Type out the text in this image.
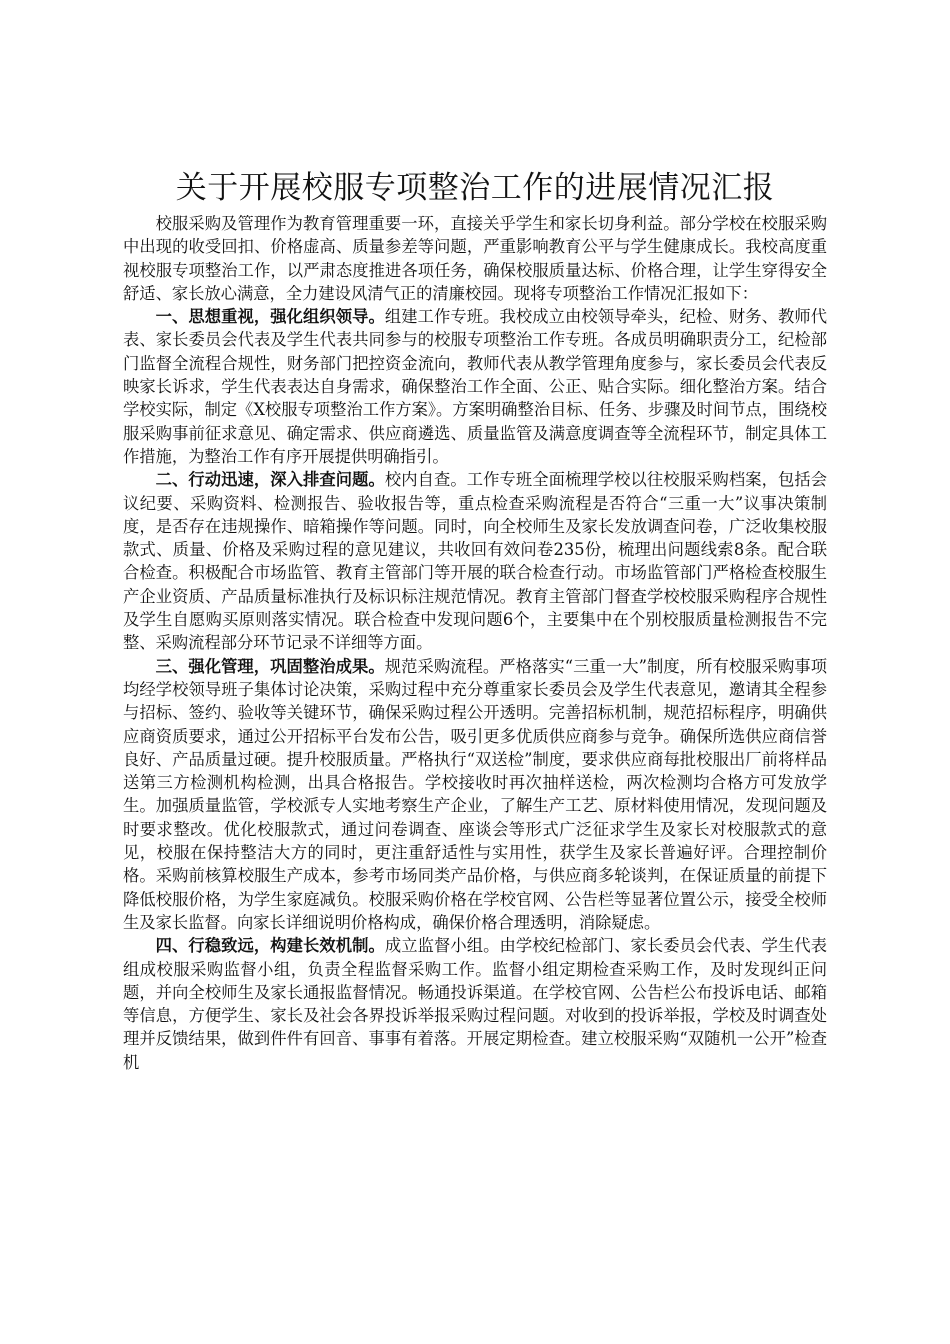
关于开展校服专项整治工作的进展情况汇报

校服采购及管理作为教育管理重要一环，直接关乎学生和家长切身利益。部分学校在校服采购中出现的收受回扣、价格虚高、质量参差等问题，严重影响教育公平与学生健康成长。我校高度重视校服专项整治工作，以严肃态度推进各项任务，确保校服质量达标、价格合理，让学生穿得安全舒适、家长放心满意，全力建设风清气正的清廉校园。现将专项整治工作情况汇报如下：

一、思想重视，强化组织领导。组建工作专班。我校成立由校领导牵头，纪检、财务、教师代表、家长委员会代表及学生代表共同参与的校服专项整治工作专班。各成员明确职责分工，纪检部门监督全流程合规性，财务部门把控资金流向，教师代表从教学管理角度参与，家长委员会代表反映家长诉求，学生代表表达自身需求，确保整治工作全面、公正、贴合实际。细化整治方案。结合学校实际，制定《X校服专项整治工作方案》。方案明确整治目标、任务、步骤及时间节点，围绕校服采购事前征求意见、确定需求、供应商遴选、质量监管及满意度调查等全流程环节，制定具体工作措施，为整治工作有序开展提供明确指引。

二、行动迅速，深入排查问题。校内自查。工作专班全面梳理学校以往校服采购档案，包括会议纪要、采购资料、检测报告、验收报告等，重点检查采购流程是否符合“三重一大”议事决策制度，是否存在违规操作、暗箱操作等问题。同时，向全校师生及家长发放调查问卷，广泛收集校服款式、质量、价格及采购过程的意见建议，共收回有效问卷235份，梳理出问题线索8条。配合联合检查。积极配合市场监管、教育主管部门等开展的联合检查行动。市场监管部门严格检查校服生产企业资质、产品质量标准执行及标识标注规范情况。教育主管部门督查学校校服采购程序合规性及学生自愿购买原则落实情况。联合检查中发现问题6个，主要集中在个别校服质量检测报告不完整、采购流程部分环节记录不详细等方面。

三、强化管理，巩固整治成果。规范采购流程。严格落实“三重一大”制度，所有校服采购事项均经学校领导班子集体讨论决策，采购过程中充分尊重家长委员会及学生代表意见，邀请其全程参与招标、签约、验收等关键环节，确保采购过程公开透明。完善招标机制，规范招标程序，明确供应商资质要求，通过公开招标平台发布公告，吸引更多优质供应商参与竞争。确保所选供应商信誉良好、产品质量过硬。提升校服质量。严格执行“双送检”制度，要求供应商每批校服出厂前将样品送第三方检测机构检测，出具合格报告。学校接收时再次抽样送检，两次检测均合格方可发放学生。加强质量监管，学校派专人实地考察生产企业，了解生产工艺、原材料使用情况，发现问题及时要求整改。优化校服款式，通过问卷调查、座谈会等形式广泛征求学生及家长对校服款式的意见，校服在保持整洁大方的同时，更注重舒适性与实用性，获学生及家长普遍好评。合理控制价格。采购前核算校服生产成本，参考市场同类产品价格，与供应商多轮谈判，在保证质量的前提下降低校服价格，为学生家庭减负。校服采购价格在学校官网、公告栏等显著位置公示，接受全校师生及家长监督。向家长详细说明价格构成，确保价格合理透明，消除疑虑。

四、行稳致远，构建长效机制。成立监督小组。由学校纪检部门、家长委员会代表、学生代表组成校服采购监督小组，负责全程监督采购工作。监督小组定期检查采购工作，及时发现纠正问题，并向全校师生及家长通报监督情况。畅通投诉渠道。在学校官网、公告栏公布投诉电话、邮箱等信息，方便学生、家长及社会各界投诉举报采购过程问题。对收到的投诉举报，学校及时调查处理并反馈结果，做到件件有回音、事事有着落。开展定期检查。建立校服采购“双随机一公开”检查机
